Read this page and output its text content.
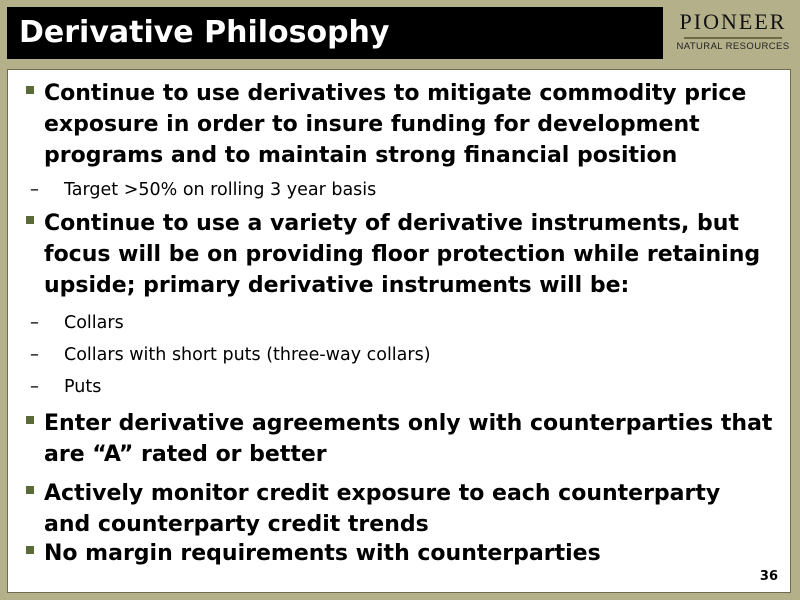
Derivative Philosophy	PIONEER
NATURAL RESOURCES
Continue to use derivatives to mitigate commodity price exposure in order to insure funding for development programs and to maintain strong financial position
– Target >50% on rolling 3 year basis
Continue to use a variety of derivative instruments, but focus will be on providing floor protection while retaining upside; primary derivative instruments will be:
– Collars
– Collars with short puts (three-way collars)
– Puts
Enter derivative agreements only with counterparties that are “A” rated or better
Actively monitor credit exposure to each counterparty and counterparty credit trends
No margin requirements with counterparties
36
